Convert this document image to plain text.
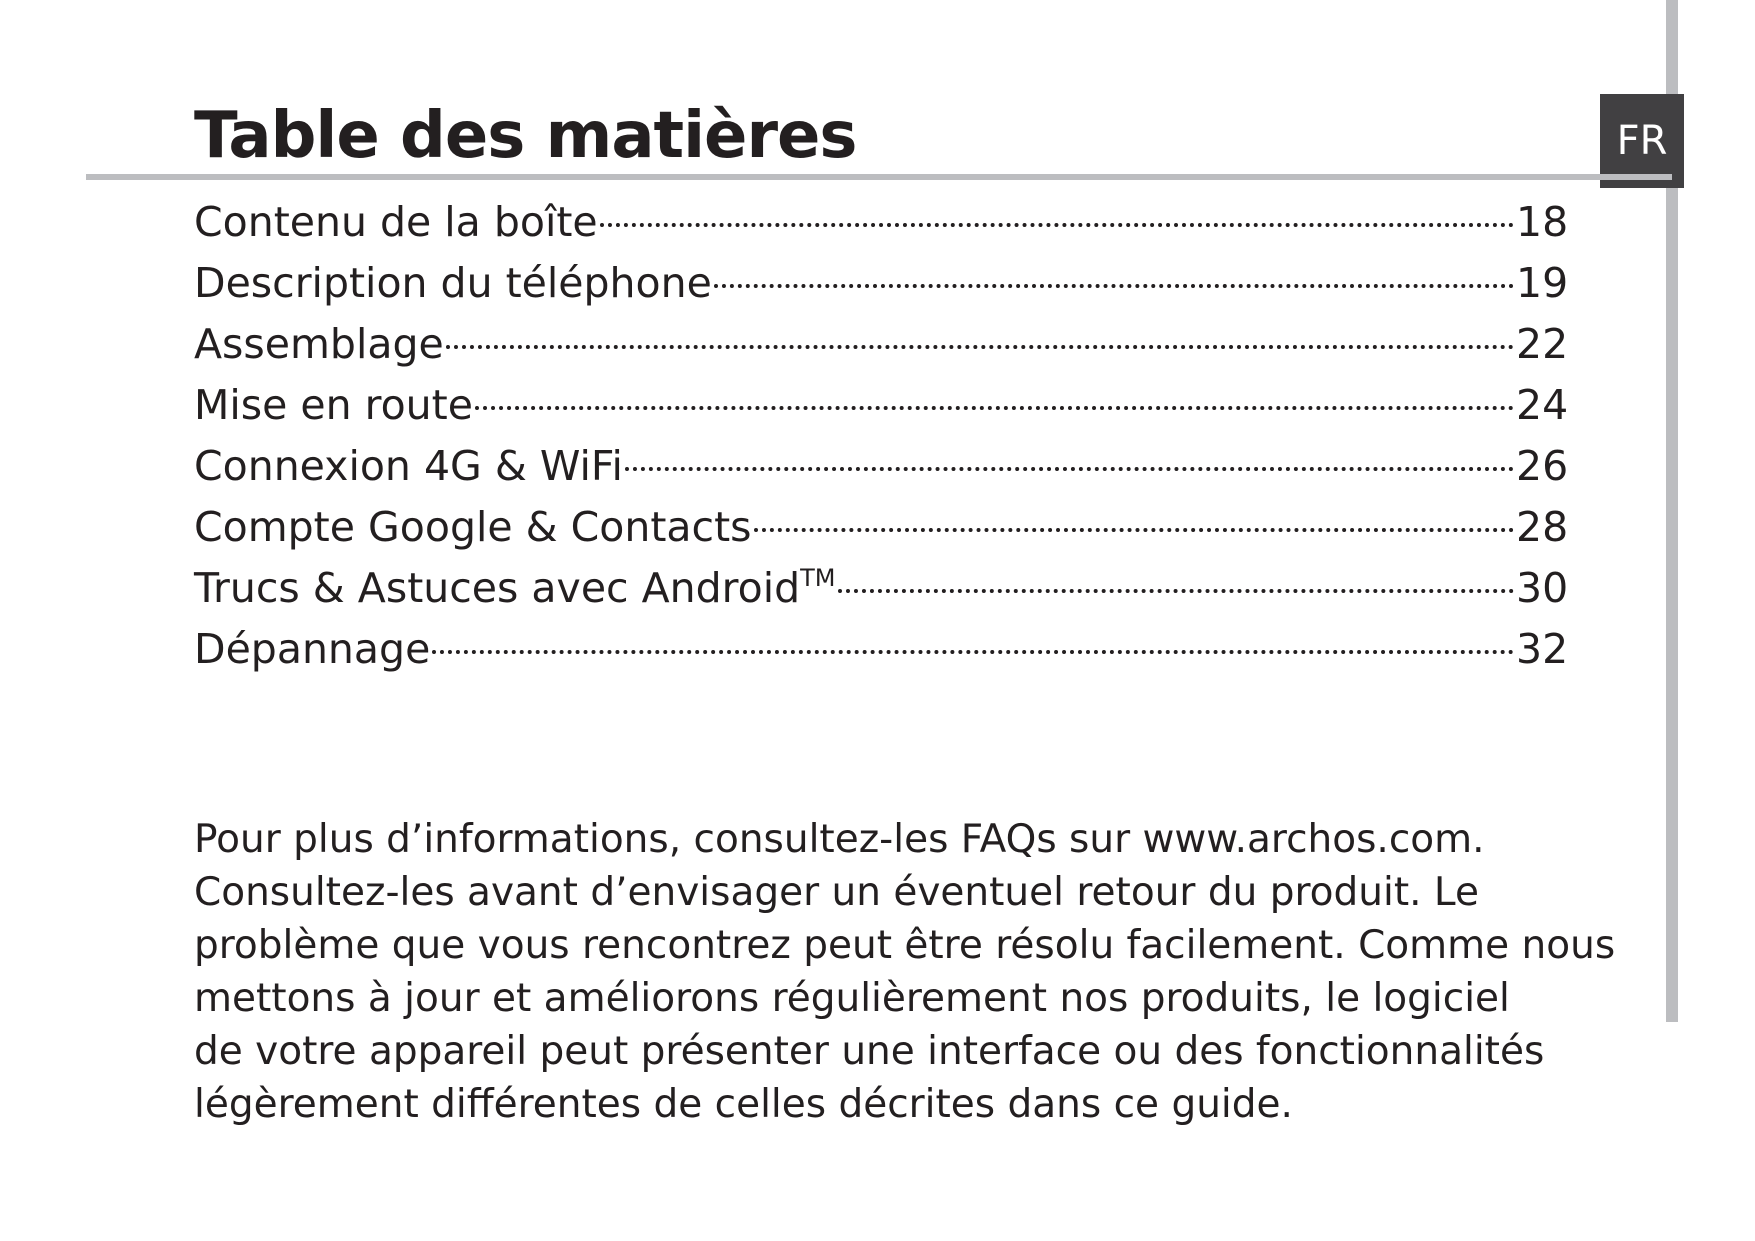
FR
Table des matières
Contenu de la boîte	18
Description du téléphone	19
Assemblage	22
Mise en route	24
Connexion 4G & WiFi	26
Compte Google & Contacts	28
Trucs & Astuces avec Android™	30
Dépannage	32

Pour plus d’informations, consultez-les FAQs sur www.archos.com.
Consultez-les avant d’envisager un éventuel retour du produit. Le
problème que vous rencontrez peut être résolu facilement. Comme nous
mettons à jour et améliorons régulièrement nos produits, le logiciel
de votre appareil peut présenter une interface ou des fonctionnalités
légèrement différentes de celles décrites dans ce guide.
